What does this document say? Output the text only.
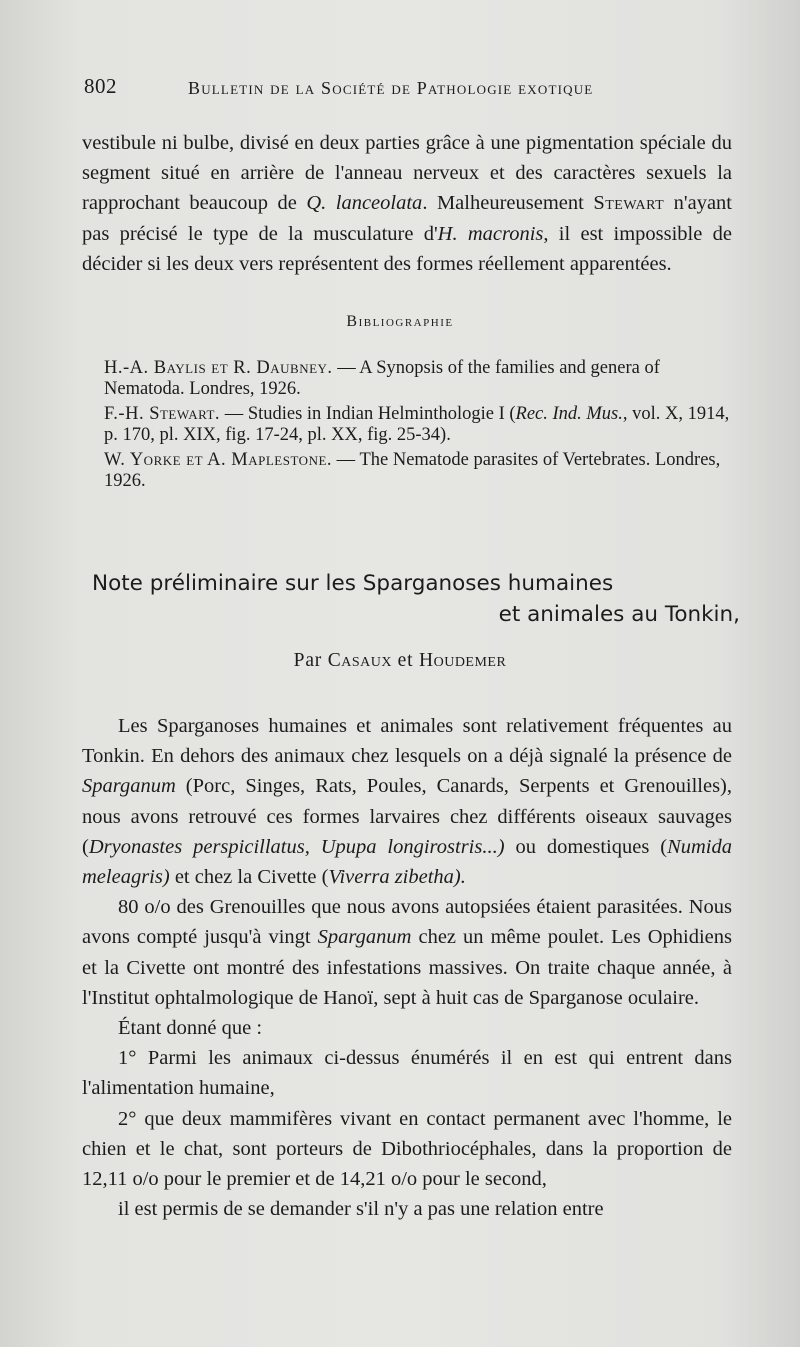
802	Bulletin de la Société de Pathologie exotique

vestibule ni bulbe, divisé en deux parties grâce à une pigmentation spéciale du segment situé en arrière de l'anneau nerveux et des caractères sexuels la rapprochant beaucoup de Q. lanceolata. Malheureusement Stewart n'ayant pas précisé le type de la musculature d'H. macronis, il est impossible de décider si les deux vers représentent des formes réellement apparentées.

Bibliographie
H.-A. Baylis et R. Daubney. — A Synopsis of the families and genera of Nematoda. Londres, 1926.
F.-H. Stewart. — Studies in Indian Helminthologie I (Rec. Ind. Mus., vol. X, 1914, p. 170, pl. XIX, fig. 17-24, pl. XX, fig. 25-34).
W. Yorke et A. Maplestone. — The Nematode parasites of Vertebrates. Londres, 1926.
Note préliminaire sur les Sparganoses humaines
et animales au Tonkin,
Par Casaux et Houdemer

Les Sparganoses humaines et animales sont relativement fréquentes au Tonkin. En dehors des animaux chez lesquels on a déjà signalé la présence de Sparganum (Porc, Singes, Rats, Poules, Canards, Serpents et Grenouilles), nous avons retrouvé ces formes larvaires chez différents oiseaux sauvages (Dryonastes perspicillatus, Upupa longirostris...) ou domestiques (Numida meleagris) et chez la Civette (Viverra zibetha).

80 o/o des Grenouilles que nous avons autopsiées étaient parasitées. Nous avons compté jusqu'à vingt Sparganum chez un même poulet. Les Ophidiens et la Civette ont montré des infestations massives. On traite chaque année, à l'Institut ophtalmologique de Hanoï, sept à huit cas de Sparganose oculaire.

Étant donné que :

1° Parmi les animaux ci-dessus énumérés il en est qui entrent dans l'alimentation humaine,

2° que deux mammifères vivant en contact permanent avec l'homme, le chien et le chat, sont porteurs de Dibothriocéphales, dans la proportion de 12,11 o/o pour le premier et de 14,21 o/o pour le second,

il est permis de se demander s'il n'y a pas une relation entre
